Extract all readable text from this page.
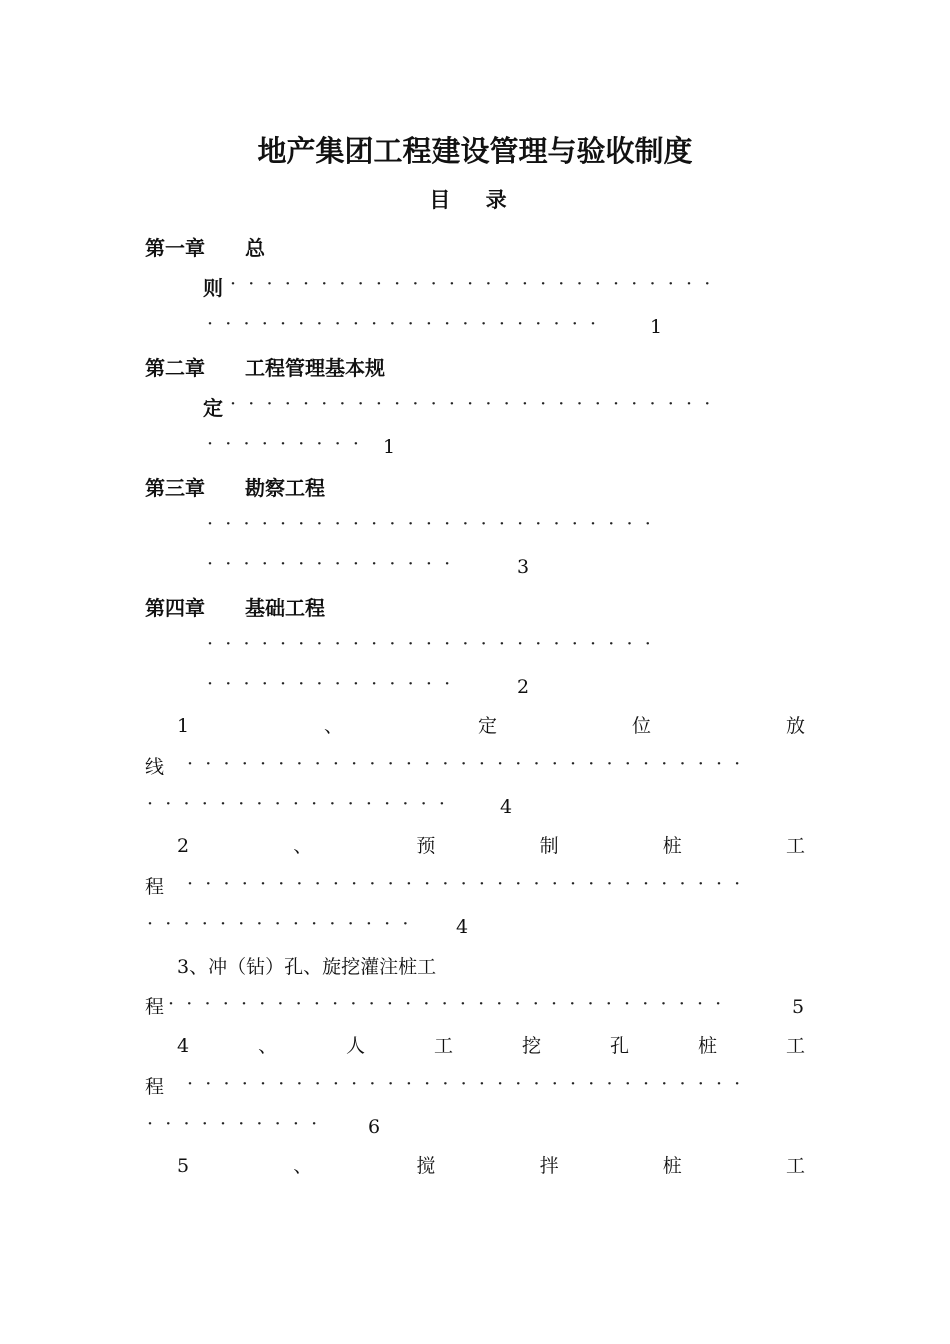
地产集团工程建设管理与验收制度
目 录
第一章 总
则 ···························
······················ 1
第二章 工程管理基本规
定 ···························
········· 1
第三章 勘察工程
·························
··············	3
第四章 基础工程
·························
··············	2
1	、	定	位	放
线 ·······························
················· 4
2	、	预	制	桩	工
程 ·······························
··············· 4
3、冲（钻）孔、旋挖灌注桩工
程 ·······························	5
4	、	人	工	挖	孔	桩	工
程 ·······························
·········· 6
5	、	搅	拌	桩	工
